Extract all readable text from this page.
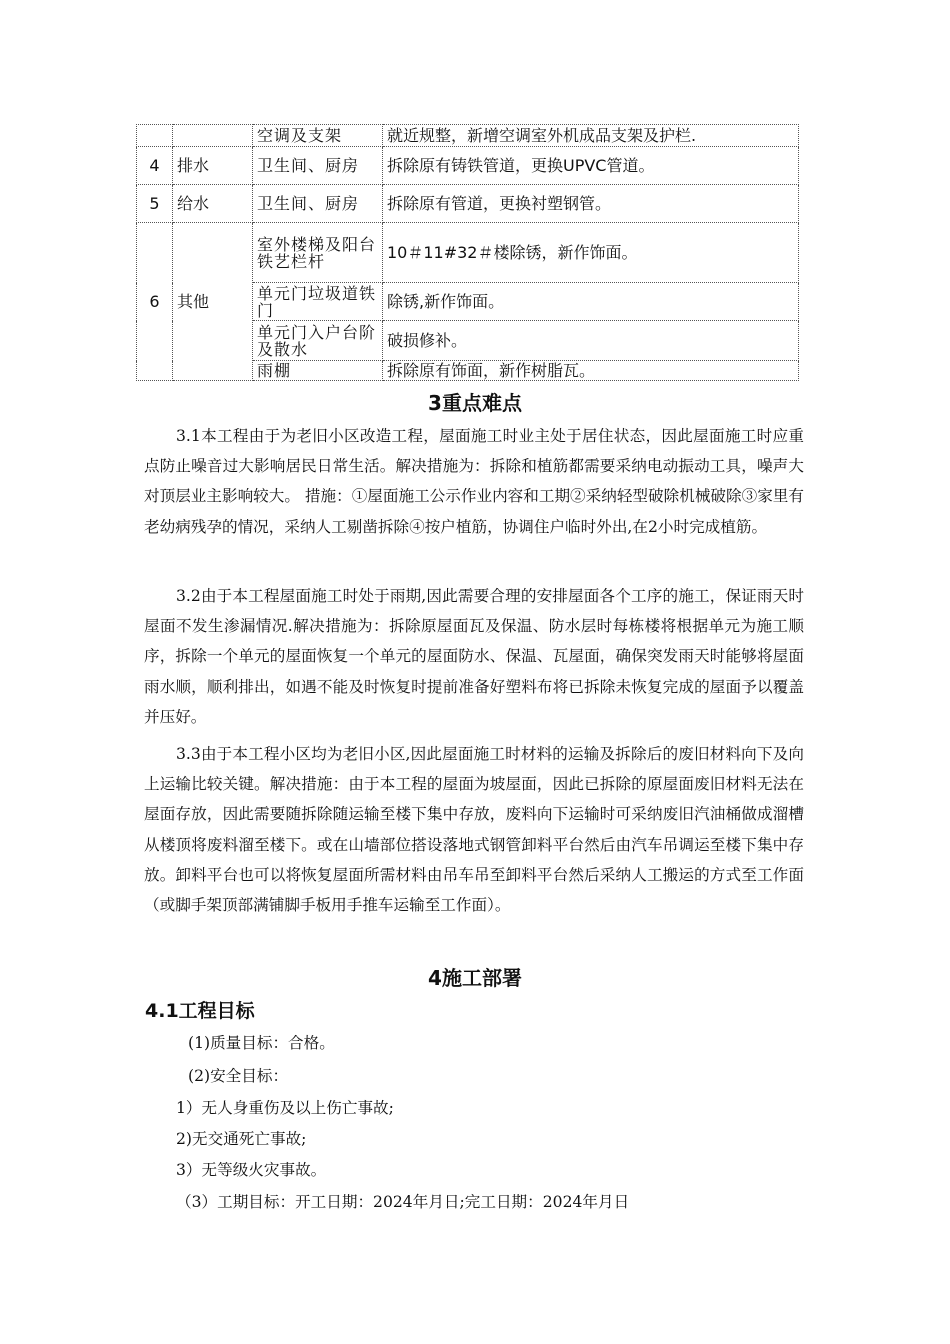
		空调及支架	就近规整，新增空调室外机成品支架及护栏.
4	排水	卫生间、厨房	拆除原有铸铁管道，更换UPVC管道。
5	给水	卫生间、厨房	拆除原有管道，更换衬塑钢管。
6	其他	室外楼梯及阳台铁艺栏杆	10＃11#32＃楼除锈，新作饰面。
		单元门垃圾道铁门	除锈,新作饰面。
		单元门入户台阶及散水	破损修补。
		雨棚	拆除原有饰面，新作树脂瓦。
3重点难点

3.1本工程由于为老旧小区改造工程，屋面施工时业主处于居住状态，因此屋面施工时应重点防止噪音过大影响居民日常生活。解决措施为：拆除和植筋都需要采纳电动振动工具，噪声大对顶层业主影响较大。 措施：①屋面施工公示作业内容和工期②采纳轻型破除机械破除③家里有老幼病残孕的情况，采纳人工剔凿拆除④按户植筋，协调住户临时外出,在2小时完成植筋。

3.2由于本工程屋面施工时处于雨期,因此需要合理的安排屋面各个工序的施工，保证雨天时屋面不发生渗漏情况.解决措施为：拆除原屋面瓦及保温、防水层时每栋楼将根据单元为施工顺序，拆除一个单元的屋面恢复一个单元的屋面防水、保温、瓦屋面，确保突发雨天时能够将屋面雨水顺，顺利排出，如遇不能及时恢复时提前准备好塑料布将已拆除未恢复完成的屋面予以覆盖并压好。

3.3由于本工程小区均为老旧小区,因此屋面施工时材料的运输及拆除后的废旧材料向下及向上运输比较关键。解决措施：由于本工程的屋面为坡屋面，因此已拆除的原屋面废旧材料无法在屋面存放，因此需要随拆除随运输至楼下集中存放，废料向下运输时可采纳废旧汽油桶做成溜槽从楼顶将废料溜至楼下。或在山墙部位搭设落地式钢管卸料平台然后由汽车吊调运至楼下集中存放。卸料平台也可以将恢复屋面所需材料由吊车吊至卸料平台然后采纳人工搬运的方式至工作面（或脚手架顶部满铺脚手板用手推车运输至工作面）。

4施工部署
4.1工程目标
(1)质量目标：合格。
(2)安全目标：
1）无人身重伤及以上伤亡事故;
2)无交通死亡事故;
3）无等级火灾事故。
（3）工期目标：开工日期：2024年月日;完工日期：2024年月日
